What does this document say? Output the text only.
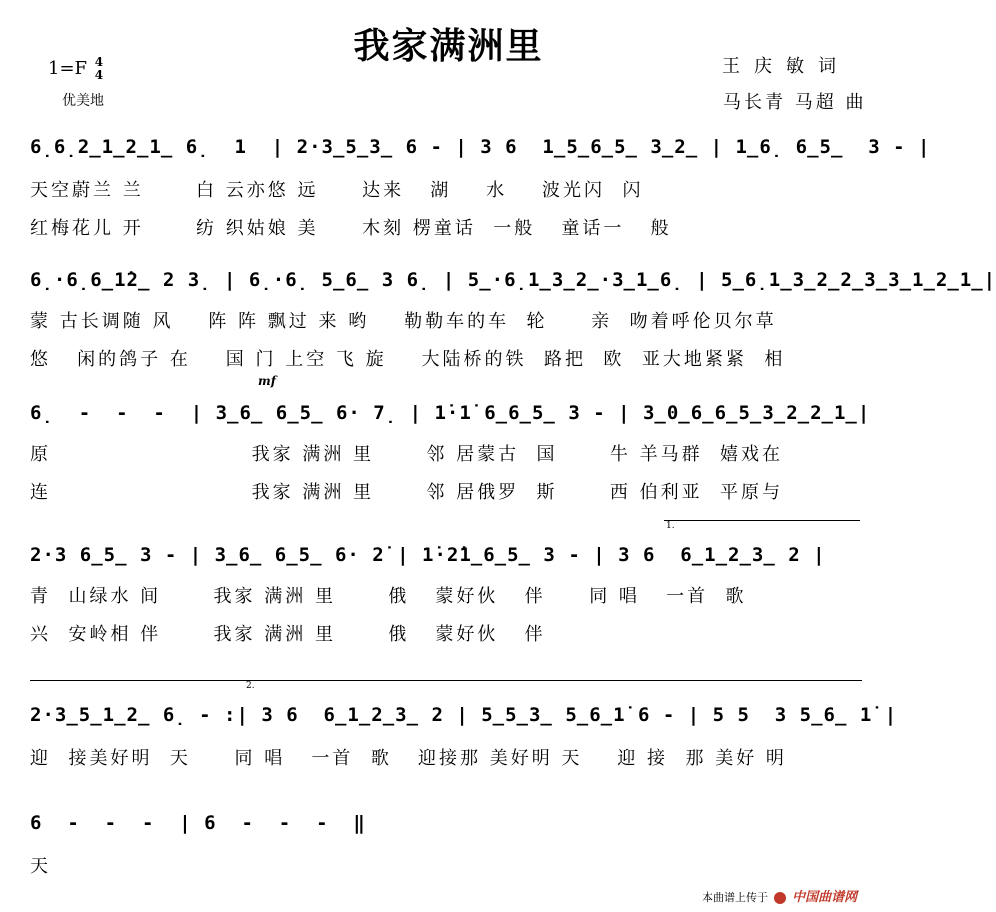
我家满洲里
1=F 4
4
优美地
王庆敏词
马长青 马超 曲
6̣6̣2̲1̲2̲1̲ 6̣  1  | 2·3̲5̲3̲ 6 - | 3 6  1̲5̲6̲5̲ 3̲2̲ | 1̲6̣ 6̲5̲  3 - |
天空蔚兰 兰      白 云亦悠 远     达来   湖    水    波光闪  闪
红梅花儿 开      纺 织姑娘 美     木刻 楞童话  一般   童话一   般
6̣·6̣6̲1̇2̲ 2 3̣ | 6̣·6̣ 5̲6̲ 3 6̣ | 5̲·6̣1̲3̲2̲·3̲1̲6̣ | 5̲6̣1̲3̲2̲2̲3̲3̲1̲2̲1̲|
蒙 古长调随 风    阵 阵 飘过 来 哟    勒勒车的车  轮     亲  吻着呼伦贝尔草
悠   闲的鸽子 在    国 门 上空 飞 旋    大陆桥的铁  路把  欧  亚大地紧紧  相
mf
6̣  -  -  -  | 3̲6̲ 6̲5̲ 6· 7̣ | 1̇·1̇ 6̲6̲5̲ 3 - | 3̲0̲6̲6̲5̲3̲2̲2̲1̲|
原                       我家 满洲 里      邻 居蒙古  国      牛 羊马群  嬉戏在
连                       我家 满洲 里      邻 居俄罗  斯      西 伯利亚  平原与
1.
2·3 6̲5̲ 3 - | 3̲6̲ 6̲5̲ 6· 2̇ | 1̇·2̇1̲6̲5̲ 3 - | 3 6  6̲1̲2̲3̲ 2 |
青  山绿水 间      我家 满洲 里      俄   蒙好伙   伴     同 唱   一首  歌
兴  安岭相 伴      我家 满洲 里      俄   蒙好伙   伴
2.
2·3̲5̲1̲2̲ 6̣ - :| 3 6  6̲1̲2̲3̲ 2 | 5̲5̲3̲ 5̲6̲1̇ 6 - | 5 5  3 5̲6̲ 1̇ |
迎  接美好明  天     同 唱   一首  歌   迎接那 美好明 天    迎 接  那 美好 明
6  -  -  -  | 6  -  -  -  ‖
天
本曲谱上传于 中国曲谱网
